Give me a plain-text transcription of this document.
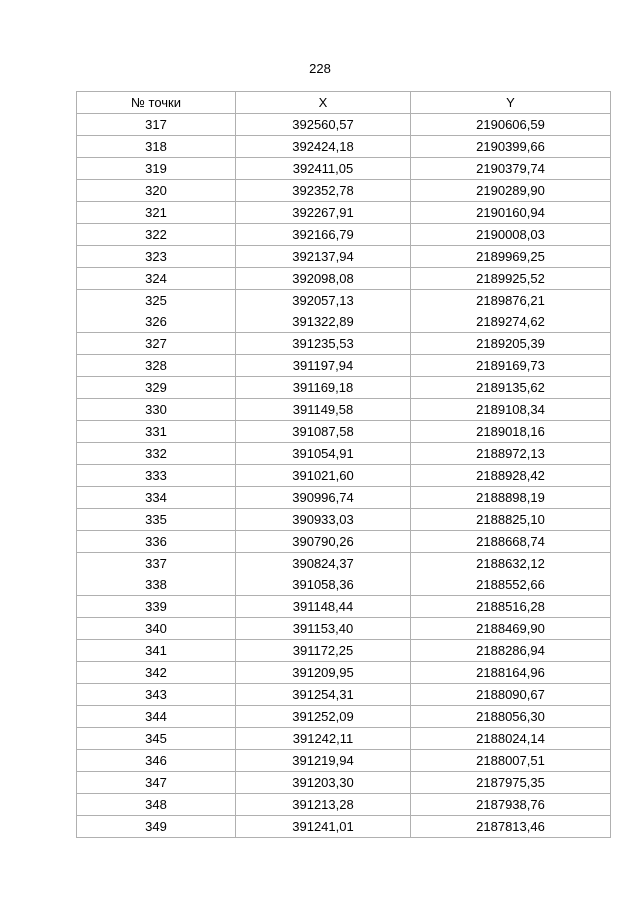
228
№ точки	X	Y
317	392560,57	2190606,59
318	392424,18	2190399,66
319	392411,05	2190379,74
320	392352,78	2190289,90
321	392267,91	2190160,94
322	392166,79	2190008,03
323	392137,94	2189969,25
324	392098,08	2189925,52
325	392057,13	2189876,21
326	391322,89	2189274,62
327	391235,53	2189205,39
328	391197,94	2189169,73
329	391169,18	2189135,62
330	391149,58	2189108,34
331	391087,58	2189018,16
332	391054,91	2188972,13
333	391021,60	2188928,42
334	390996,74	2188898,19
335	390933,03	2188825,10
336	390790,26	2188668,74
337	390824,37	2188632,12
338	391058,36	2188552,66
339	391148,44	2188516,28
340	391153,40	2188469,90
341	391172,25	2188286,94
342	391209,95	2188164,96
343	391254,31	2188090,67
344	391252,09	2188056,30
345	391242,11	2188024,14
346	391219,94	2188007,51
347	391203,30	2187975,35
348	391213,28	2187938,76
349	391241,01	2187813,46
